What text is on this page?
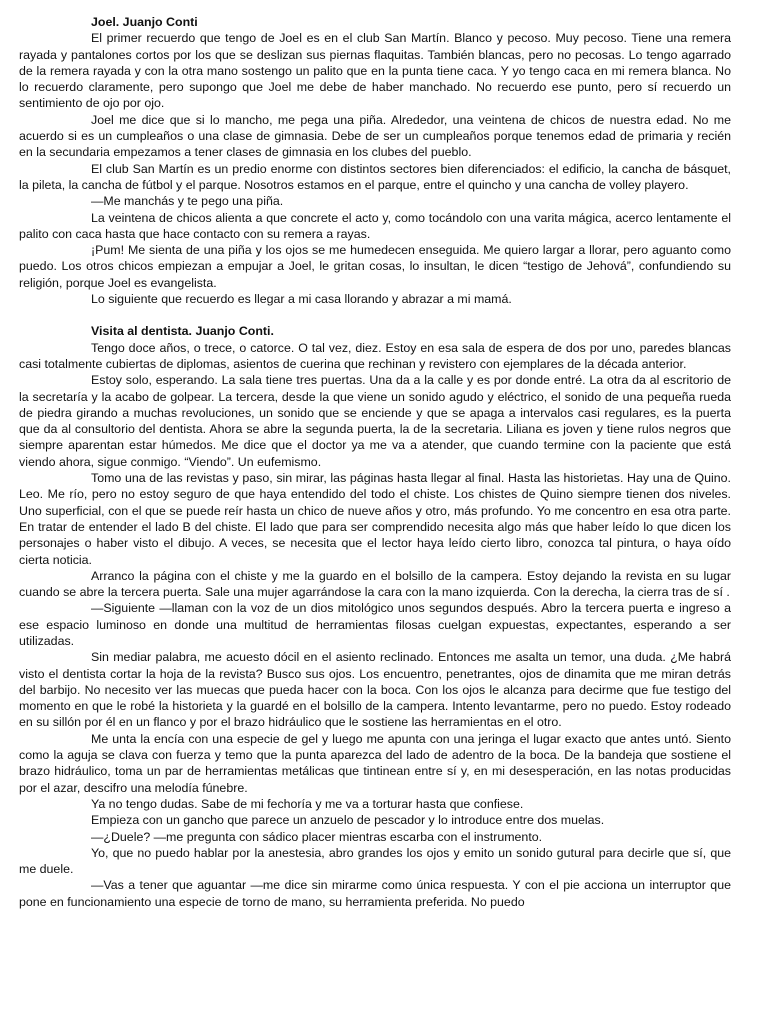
Joel. Juanjo Conti

El primer recuerdo que tengo de Joel es en el club San Martín. Blanco y pecoso. Muy pecoso. Tiene una remera rayada y pantalones cortos por los que se deslizan sus piernas flaquitas. También blancas, pero no pecosas. Lo tengo agarrado de la remera rayada y con la otra mano sostengo un palito que en la punta tiene caca. Y yo tengo caca en mi remera blanca. No lo recuerdo claramente, pero supongo que Joel me debe de haber manchado. No recuerdo ese punto, pero sí recuerdo un sentimiento de ojo por ojo.

Joel me dice que si lo mancho, me pega una piña. Alrededor, una veintena de chicos de nuestra edad. No me acuerdo si es un cumpleaños o una clase de gimnasia. Debe de ser un cumpleaños porque tenemos edad de primaria y recién en la secundaria empezamos a tener clases de gimnasia en los clubes del pueblo.

El club San Martín es un predio enorme con distintos sectores bien diferenciados: el edificio, la cancha de básquet, la pileta, la cancha de fútbol y el parque. Nosotros estamos en el parque, entre el quincho y una cancha de volley playero.

—Me manchás y te pego una piña.

La veintena de chicos alienta a que concrete el acto y, como tocándolo con una varita mágica, acerco lentamente el palito con caca hasta que hace contacto con su remera a rayas.

¡Pum! Me sienta de una piña y los ojos se me humedecen enseguida. Me quiero largar a llorar, pero aguanto como puedo. Los otros chicos empiezan a empujar a Joel, le gritan cosas, lo insultan, le dicen “testigo de Jehová”, confundiendo su religión, porque Joel es evangelista.

Lo siguiente que recuerdo es llegar a mi casa llorando y abrazar a mi mamá.

Visita al dentista. Juanjo Conti.

Tengo doce años, o trece, o catorce. O tal vez, diez. Estoy en esa sala de espera de dos por uno, paredes blancas casi totalmente cubiertas de diplomas, asientos de cuerina que rechinan y revistero con ejemplares de la década anterior.

Estoy solo, esperando. La sala tiene tres puertas. Una da a la calle y es por donde entré. La otra da al escritorio de la secretaría y la acabo de golpear. La tercera, desde la que viene un sonido agudo y eléctrico, el sonido de una pequeña rueda de piedra girando a muchas revoluciones, un sonido que se enciende y que se apaga a intervalos casi regulares, es la puerta que da al consultorio del dentista. Ahora se abre la segunda puerta, la de la secretaria. Liliana es joven y tiene rulos negros que siempre aparentan estar húmedos. Me dice que el doctor ya me va a atender, que cuando termine con la paciente que está viendo ahora, sigue conmigo. “Viendo”. Un eufemismo.

Tomo una de las revistas y paso, sin mirar, las páginas hasta llegar al final. Hasta las historietas. Hay una de Quino. Leo. Me río, pero no estoy seguro de que haya entendido del todo el chiste. Los chistes de Quino siempre tienen dos niveles. Uno superficial, con el que se puede reír hasta un chico de nueve años y otro, más profundo. Yo me concentro en esa otra parte. En tratar de entender el lado B del chiste. El lado que para ser comprendido necesita algo más que haber leído lo que dicen los personajes o haber visto el dibujo. A veces, se necesita que el lector haya leído cierto libro, conozca tal pintura, o haya oído cierta noticia.

Arranco la página con el chiste y me la guardo en el bolsillo de la campera. Estoy dejando la revista en su lugar cuando se abre la tercera puerta. Sale una mujer agarrándose la cara con la mano izquierda. Con la derecha, la cierra tras de sí .

—Siguiente —llaman con la voz de un dios mitológico unos segundos después. Abro la tercera puerta e ingreso a ese espacio luminoso en donde una multitud de herramientas filosas cuelgan expuestas, expectantes, esperando a ser utilizadas.

Sin mediar palabra, me acuesto dócil en el asiento reclinado. Entonces me asalta un temor, una duda. ¿Me habrá visto el dentista cortar la hoja de la revista? Busco sus ojos. Los encuentro, penetrantes, ojos de dinamita que me miran detrás del barbijo. No necesito ver las muecas que pueda hacer con la boca. Con los ojos le alcanza para decirme que fue testigo del momento en que le robé la historieta y la guardé en el bolsillo de la campera. Intento levantarme, pero no puedo. Estoy rodeado en su sillón por él en un flanco y por el brazo hidráulico que le sostiene las herramientas en el otro.

Me unta la encía con una especie de gel y luego me apunta con una jeringa el lugar exacto que antes untó. Siento como la aguja se clava con fuerza y temo que la punta aparezca del lado de adentro de la boca. De la bandeja que sostiene el brazo hidráulico, toma un par de herramientas metálicas que tintinean entre sí y, en mi desesperación, en las notas producidas por el azar, descifro una melodía fúnebre.

Ya no tengo dudas. Sabe de mi fechoría y me va a torturar hasta que confiese.

Empieza con un gancho que parece un anzuelo de pescador y lo introduce entre dos muelas.

—¿Duele? —me pregunta con sádico placer mientras escarba con el instrumento.

Yo, que no puedo hablar por la anestesia, abro grandes los ojos y emito un sonido gutural para decirle que sí, que me duele.

—Vas a tener que aguantar —me dice sin mirarme como única respuesta. Y con el pie acciona un interruptor que pone en funcionamiento una especie de torno de mano, su herramienta preferida. No puedo
